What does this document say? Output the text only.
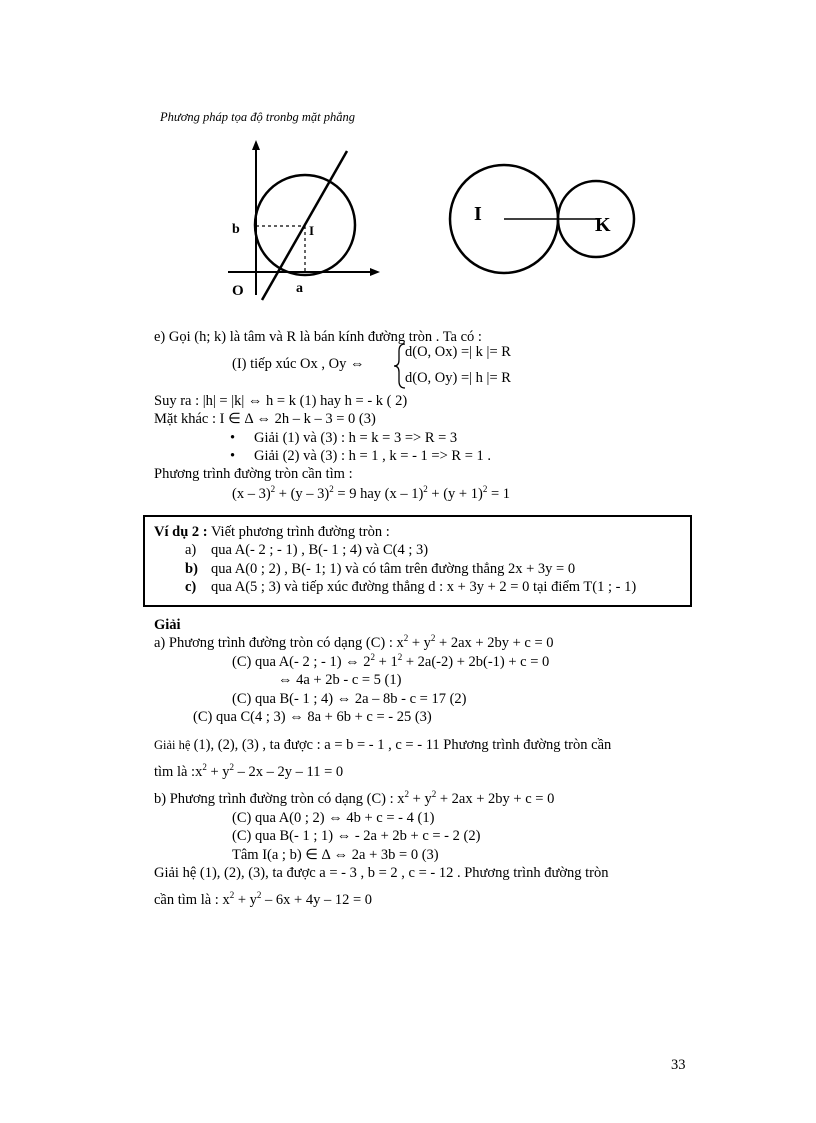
Phương pháp tọa độ tronbg mặt phẳng
b	I
O	a
I	K
e) Gọi (h; k) là tâm và R là bán kính đường tròn . Ta có :
(I) tiếp xúc Ox , Oy ⇔
d(O, Ox) =| k |= R
d(O, Oy) =| h |= R
Suy ra : |h| = |k| ⇔ h = k (1) hay h = - k ( 2)
Mặt khác : I ∈ Δ ⇔ 2h – k – 3 = 0 (3)
• Giải (1) và (3) : h = k = 3 => R = 3
• Giải (2) và (3) : h = 1 , k = - 1 => R = 1 .
Phương trình đường tròn cần tìm :
(x – 3)$^2$ + (y – 3)$^2$ = 9 hay $(x - 1)^2 + (y + 1)^2 = 1$
Ví dụ 2 : Viết phương trình đường tròn :
a) qua A(- 2 ; - 1) , B(- 1 ; 4) và C(4 ; 3)
b) qua A(0 ; 2) , B(- 1; 1) và có tâm trên đường thẳng 2x + 3y = 0
c) qua A(5 ; 3) và tiếp xúc đường thẳng d : x + 3y + 2 = 0 tại điểm T(1 ; - 1)
Giải
a) Phương trình đường tròn có dạng (C) : $x^2 + y^2 + 2ax + 2by + c = 0$
(C) qua A(- 2 ; - 1) ⇔ $2^2 + 1^2 + 2a(-2) + 2b(-1) + c = 0$
⇔ 4a + 2b - c = 5 (1)
(C) qua B(- 1 ; 4) ⇔ 2a – 8b - c = 17 (2)
(C) qua C(4 ; 3) ⇔ 8a + 6b + c = - 25 (3)
Giải hệ (1), (2), (3) , ta được : a = b = - 1 , c = - 11 Phương trình đường tròn cần
tìm là $:x^2 + y^2 - 2x - 2y - 11 = 0$
b) Phương trình đường tròn có dạng (C) : $x^2 + y^2 + 2ax + 2by + c = 0$
(C) qua A(0 ; 2) ⇔ 4b + c = - 4 (1)
(C) qua B(- 1 ; 1) ⇔ - 2a + 2b + c = - 2 (2)
Tâm I(a ; b) ∈ Δ ⇔ 2a + 3b = 0 (3)
Giải hệ (1), (2), (3), ta được a = - 3 , b = 2 , c = - 12 . Phương trình đường tròn
cần tìm là : $x^2 + y^2 - 6x + 4y - 12 = 0$
33
